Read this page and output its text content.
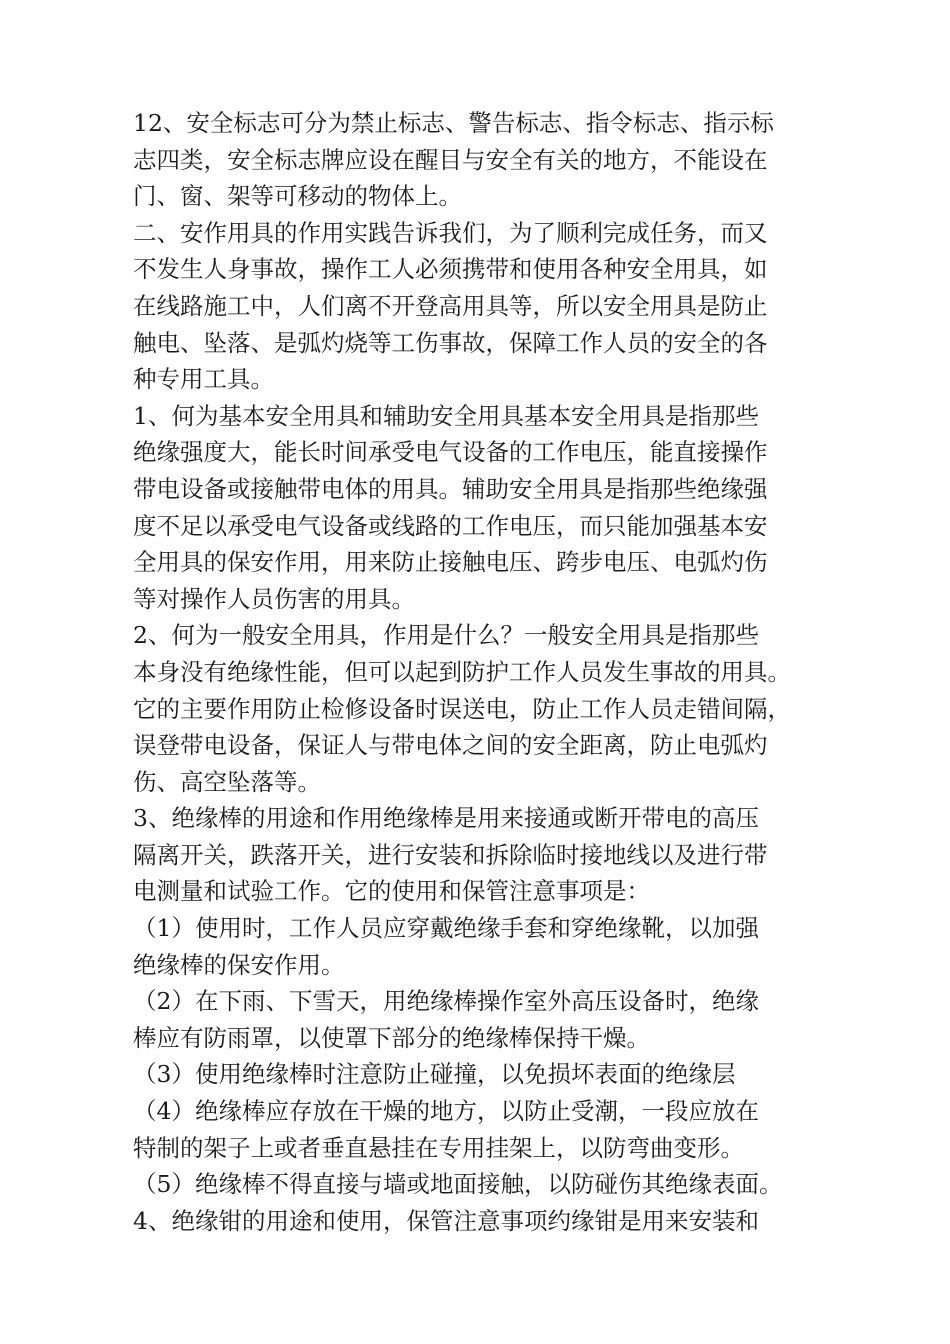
12、安全标志可分为禁止标志、警告标志、指令标志、指示标
志四类，安全标志牌应设在醒目与安全有关的地方，不能设在
门、窗、架等可移动的物体上。

二、安作用具的作用实践告诉我们，为了顺利完成任务，而又
不发生人身事故，操作工人必须携带和使用各种安全用具，如
在线路施工中，人们离不开登高用具等，所以安全用具是防止
触电、坠落、是弧灼烧等工伤事故，保障工作人员的安全的各
种专用工具。

1、何为基本安全用具和辅助安全用具基本安全用具是指那些
绝缘强度大，能长时间承受电气设备的工作电压，能直接操作
带电设备或接触带电体的用具。辅助安全用具是指那些绝缘强
度不足以承受电气设备或线路的工作电压，而只能加强基本安
全用具的保安作用，用来防止接触电压、跨步电压、电弧灼伤
等对操作人员伤害的用具。

2、何为一般安全用具，作用是什么？一般安全用具是指那些
本身没有绝缘性能，但可以起到防护工作人员发生事故的用具。
它的主要作用防止检修设备时误送电，防止工作人员走错间隔，
误登带电设备，保证人与带电体之间的安全距离，防止电弧灼
伤、高空坠落等。

3、绝缘棒的用途和作用绝缘棒是用来接通或断开带电的高压
隔离开关，跌落开关，进行安装和拆除临时接地线以及进行带
电测量和试验工作。它的使用和保管注意事项是：

（1）使用时，工作人员应穿戴绝缘手套和穿绝缘靴，以加强
绝缘棒的保安作用。

（2）在下雨、下雪天，用绝缘棒操作室外高压设备时，绝缘
棒应有防雨罩，以使罩下部分的绝缘棒保持干燥。

（3）使用绝缘棒时注意防止碰撞，以免损坏表面的绝缘层

（4）绝缘棒应存放在干燥的地方，以防止受潮，一段应放在
特制的架子上或者垂直悬挂在专用挂架上，以防弯曲变形。

（5）绝缘棒不得直接与墙或地面接触，以防碰伤其绝缘表面。

4、绝缘钳的用途和使用，保管注意事项约缘钳是用来安装和
